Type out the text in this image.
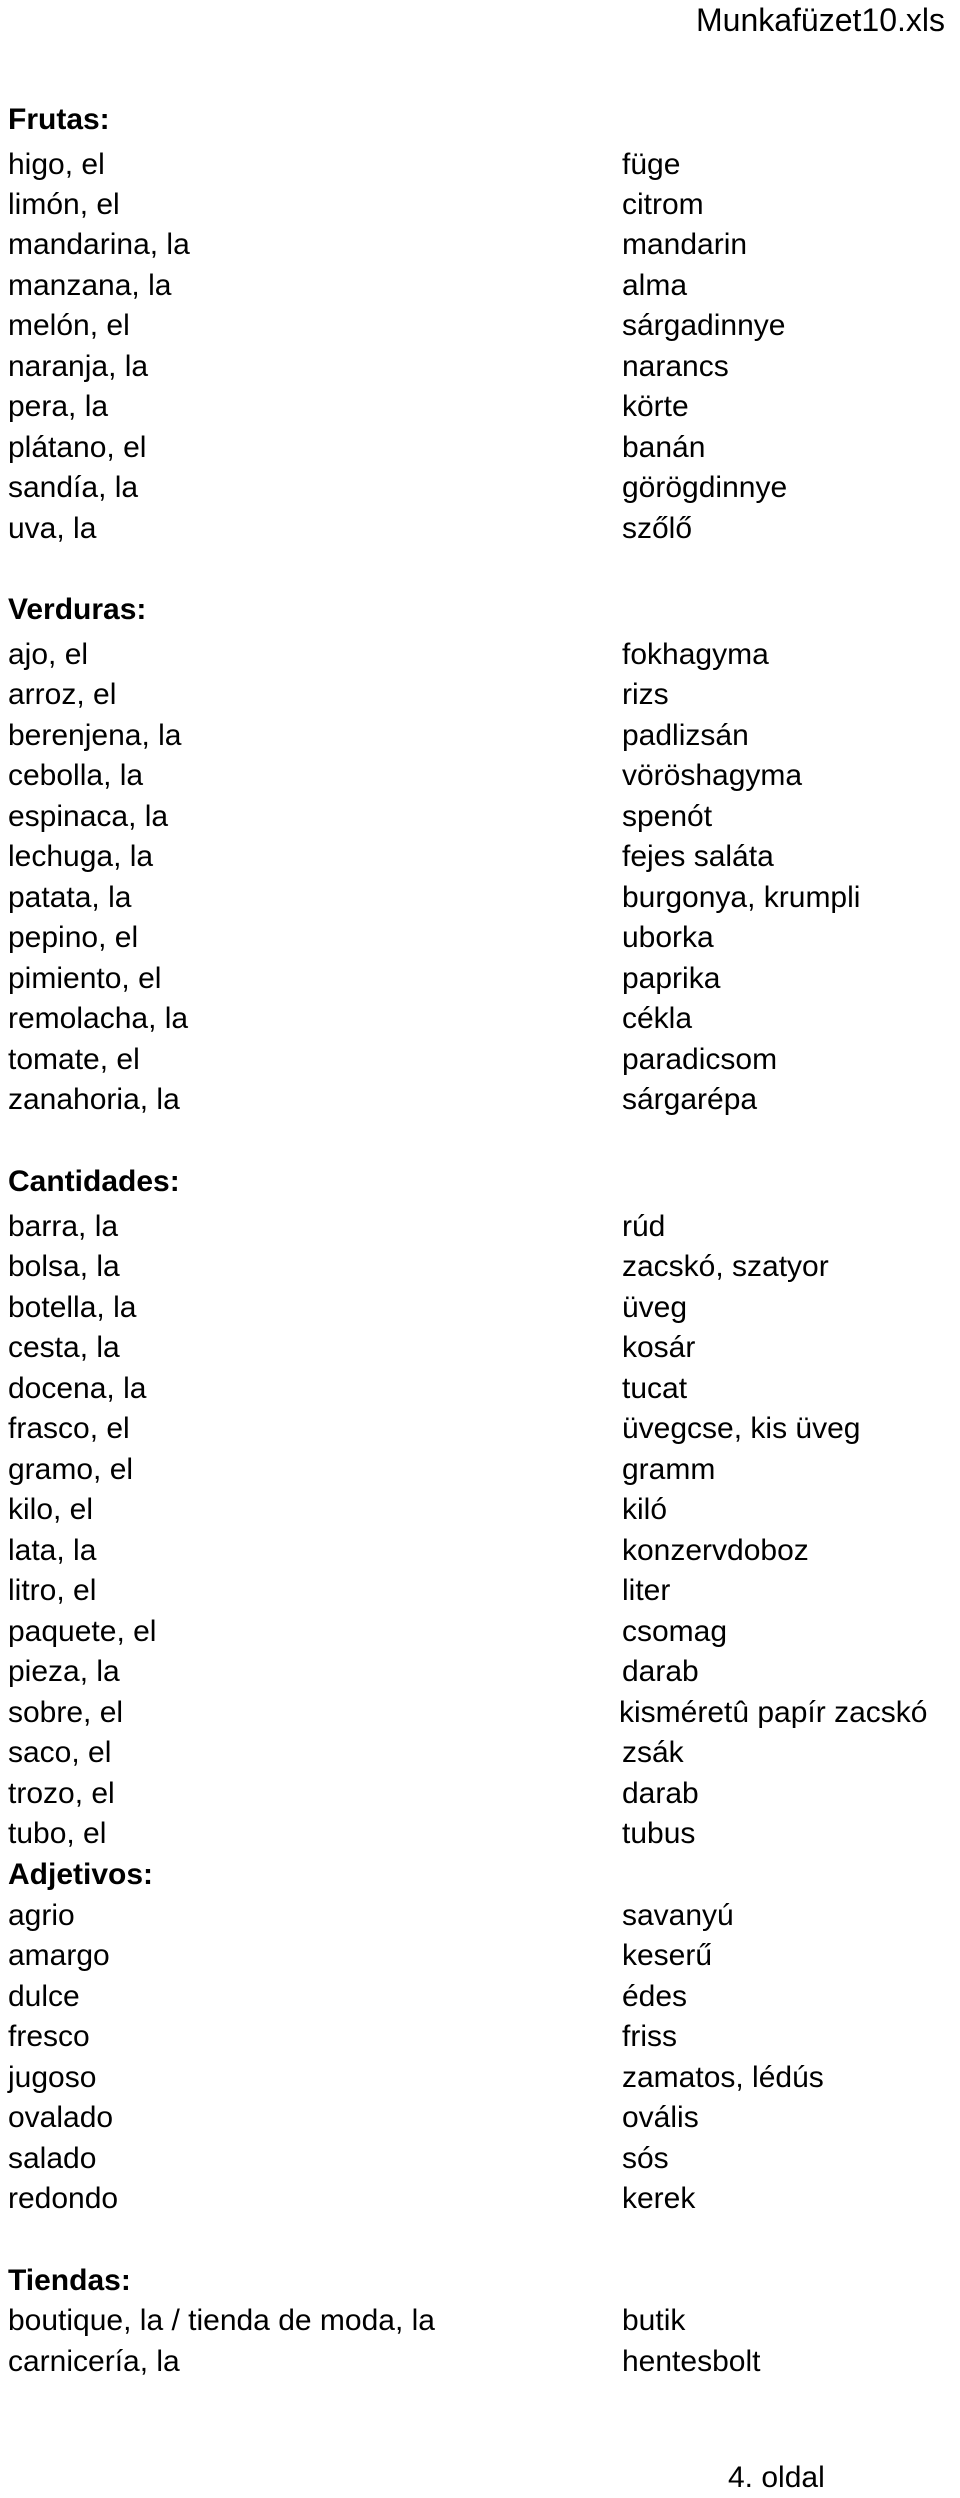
Munkafüzet10.xls
Frutas:
higo, el	füge
limón, el	citrom
mandarina, la	mandarin
manzana, la	alma
melón, el	sárgadinnye
naranja, la	narancs
pera, la	körte
plátano, el	banán
sandía, la	görögdinnye
uva, la	szőlő
Verduras:
ajo, el	fokhagyma
arroz, el	rizs
berenjena, la	padlizsán
cebolla, la	vöröshagyma
espinaca, la	spenót
lechuga, la	fejes saláta
patata, la	burgonya, krumpli
pepino, el	uborka
pimiento, el	paprika
remolacha, la	cékla
tomate, el	paradicsom
zanahoria, la	sárgarépa
Cantidades:
barra, la	rúd
bolsa, la	zacskó, szatyor
botella, la	üveg
cesta, la	kosár
docena, la	tucat
frasco, el	üvegcse, kis üveg
gramo, el	gramm
kilo, el	kiló
lata, la	konzervdoboz
litro, el	liter
paquete, el	csomag
pieza, la	darab
sobre, el	kisméretû papír zacskó
saco, el	zsák
trozo, el	darab
tubo, el	tubus
Adjetivos:
agrio	savanyú
amargo	keserű
dulce	édes
fresco	friss
jugoso	zamatos, lédús
ovalado	ovális
salado	sós
redondo	kerek
Tiendas:
boutique, la / tienda de moda, la	butik
carnicería, la	hentesbolt
4. oldal
